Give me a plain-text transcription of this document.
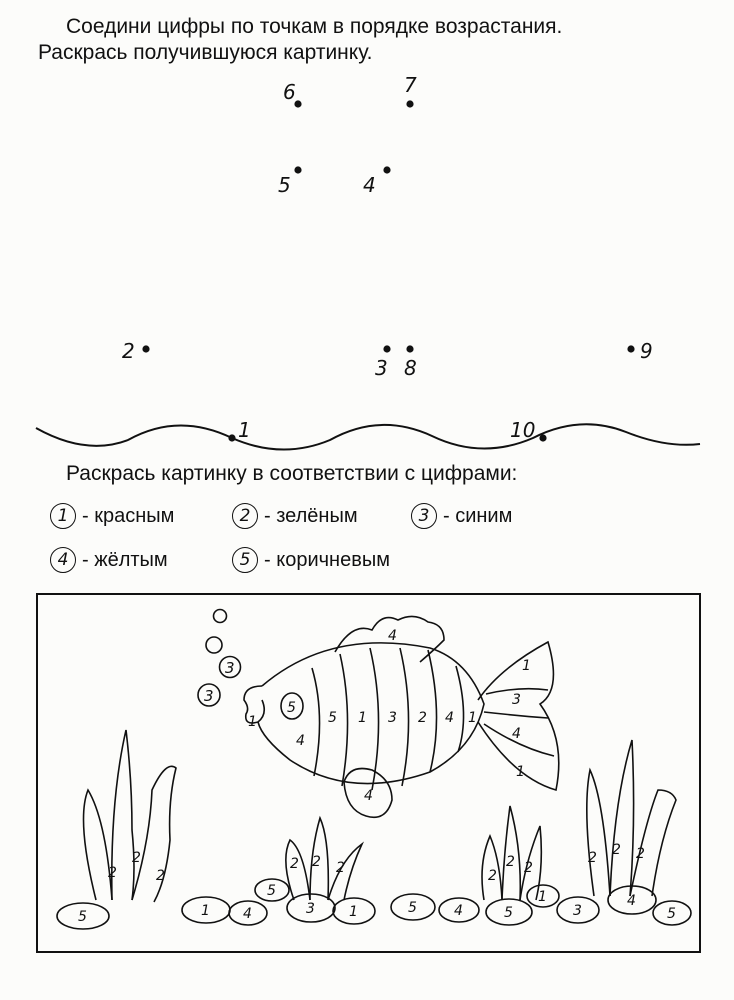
Соедини цифры по точкам в порядке возрастания.
Раскрась получившуюся картинку.
1
2
3
4
5
6	7
8
9
10
3
3
4
1
5
4
5 1 3 2 4 1
1
3
4
1
4
2
2
2
2 2 2	2
2 2
2 2 2
5	1 4
5
3 1	5	4	5
1
3
4
5

Раскрась картинку в соответствии с цифрами:

1 - красным	2 - зелёным	3 - синим
4 - жёлтым	5 - коричневым
